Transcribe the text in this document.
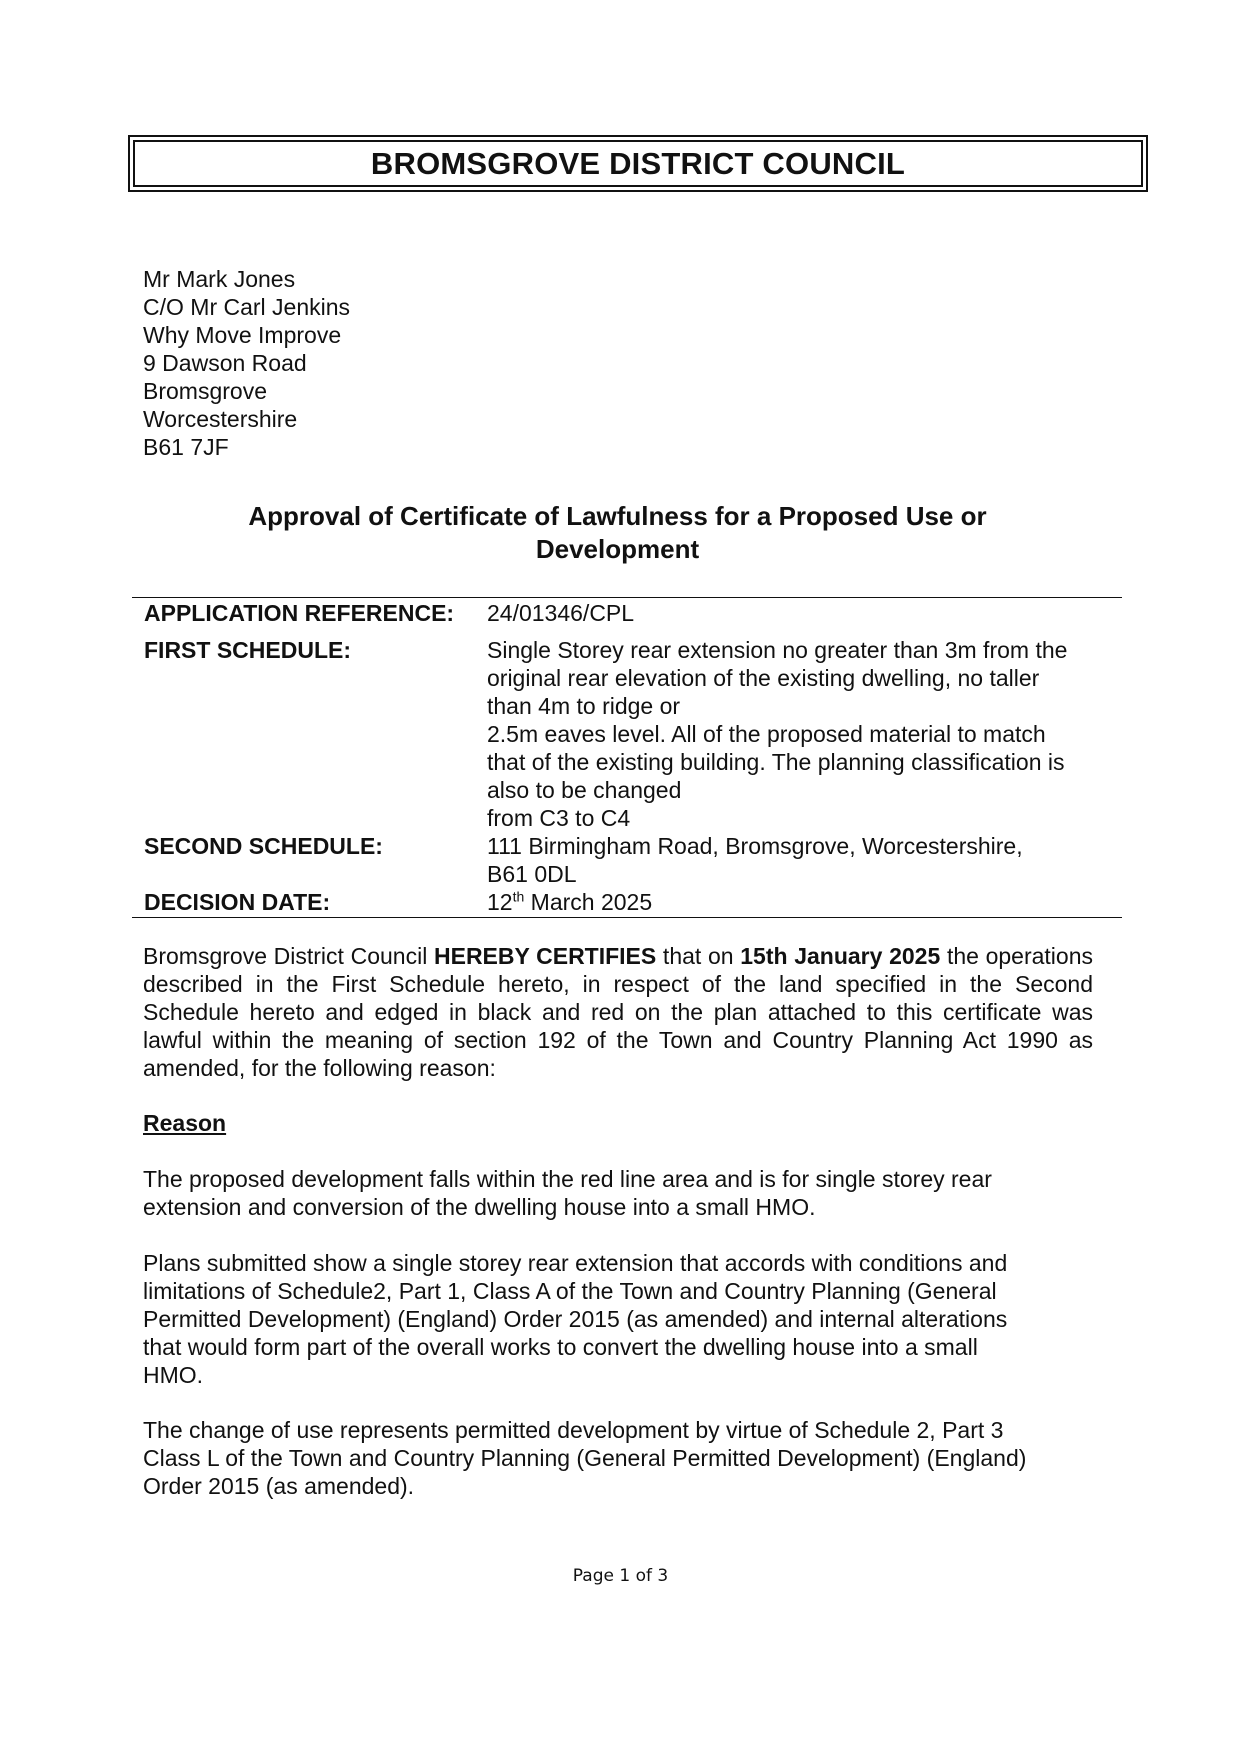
BROMSGROVE DISTRICT COUNCIL
Mr Mark Jones
C/O Mr Carl Jenkins
Why Move Improve
9 Dawson Road
Bromsgrove
Worcestershire
B61 7JF
Approval of Certificate of Lawfulness for a Proposed Use or
Development
APPLICATION REFERENCE:	24/01346/CPL
FIRST SCHEDULE:	Single Storey rear extension no greater than 3m from the
original rear elevation of the existing dwelling, no taller
than 4m to ridge or
2.5m eaves level. All of the proposed material to match
that of the existing building. The planning classification is
also to be changed
from C3 to C4
SECOND SCHEDULE:	111 Birmingham Road, Bromsgrove, Worcestershire,
B61 0DL
DECISION DATE:	12th March 2025
Bromsgrove District Council HEREBY CERTIFIES that on 15th January 2025 the operations described in the First Schedule hereto, in respect of the land specified in the Second Schedule hereto and edged in black and red on the plan attached to this certificate was lawful within the meaning of section 192 of the Town and Country Planning Act 1990 as amended, for the following reason:
Reason
The proposed development falls within the red line area and is for single storey rear
extension and conversion of the dwelling house into a small HMO.
Plans submitted show a single storey rear extension that accords with conditions and
limitations of Schedule2, Part 1, Class A of the Town and Country Planning (General
Permitted Development) (England) Order 2015 (as amended) and internal alterations
that would form part of the overall works to convert the dwelling house into a small
HMO.
The change of use represents permitted development by virtue of Schedule 2, Part 3
Class L of the Town and Country Planning (General Permitted Development) (England)
Order 2015 (as amended).
Page 1 of 3
